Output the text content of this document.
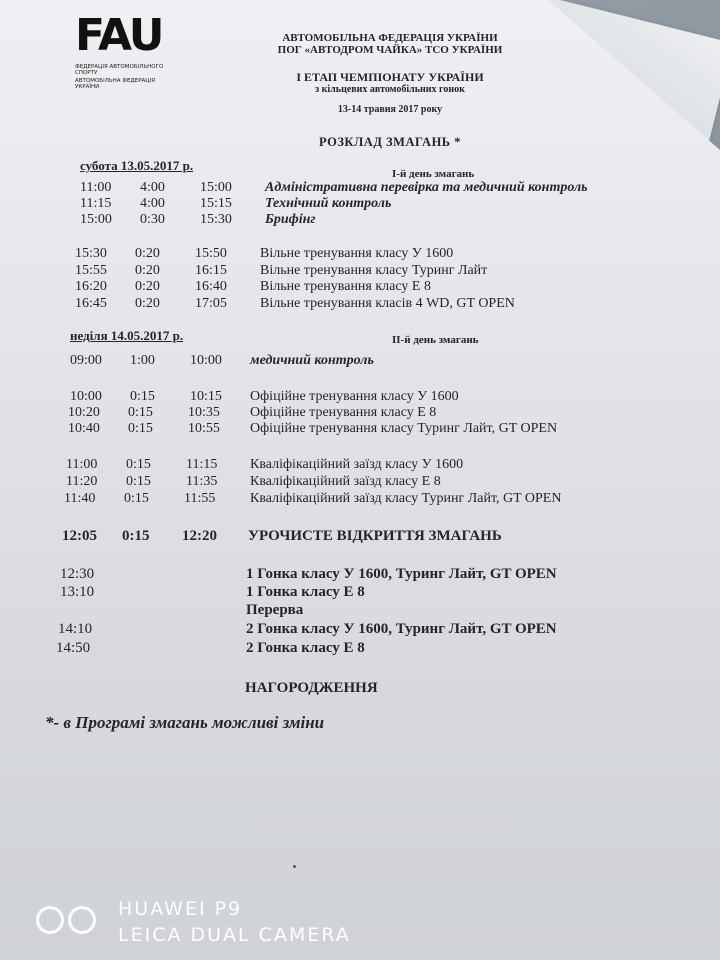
FAU
ФЕДЕРАЦІЯ АВТОМОБІЛЬНОГО СПОРТУ
АВТОМОБІЛЬНА ФЕДЕРАЦІЯ УКРАЇНИ
АВТОМОБІЛЬНА ФЕДЕРАЦІЯ УКРАЇНИ
ПОГ «АВТОДРОМ ЧАЙКА» ТСО УКРАЇНИ
I ЕТАП ЧЕМПІОНАТУ УКРАЇНИ
з кільцевих автомобільних гонок
13-14 травня 2017 року
РОЗКЛАД ЗМАГАНЬ *
субота 13.05.2017 р.
I-й день змагань
11:00 4:00	15:00 Адміністративна перевірка та медичний контроль
11:15 4:00	15:15 Технічний контроль
15:00 0:30	15:30 Брифінг
15:30 0:20	15:50 Вільне тренування класу У 1600
15:55 0:20	16:15 Вільне тренування класу Туринг Лайт
16:20 0:20	16:40 Вільне тренування класу Е 8
16:45 0:20	17:05 Вільне тренування класів 4 WD, GT OPEN
неділя 14.05.2017 р.	II-й день змагань
09:00 1:00	10:00 медичний контроль
10:00 0:15	10:15 Офіційне тренування класу У 1600
10:20 0:15	10:35 Офіційне тренування класу Е 8
10:40 0:15	10:55 Офіційне тренування класу Туринг Лайт, GT OPEN
11:00 0:15	11:15 Кваліфікаційний заїзд класу У 1600
11:20 0:15	11:35 Кваліфікаційний заїзд класу Е 8
11:40 0:15	11:55 Кваліфікаційний заїзд класу Туринг Лайт, GT OPEN
12:05 0:15 12:20 УРОЧИСТЕ ВІДКРИТТЯ ЗМАГАНЬ
12:30	1 Гонка класу У 1600, Туринг Лайт, GT OPEN
13:10	1 Гонка класу Е 8
Перерва
14:10	2 Гонка класу У 1600, Туринг Лайт, GT OPEN
14:50	2 Гонка класу Е 8
НАГОРОДЖЕННЯ
*- в Програмі змагань можливі зміни
HUAWEI P9
LEICA DUAL CAMERA
